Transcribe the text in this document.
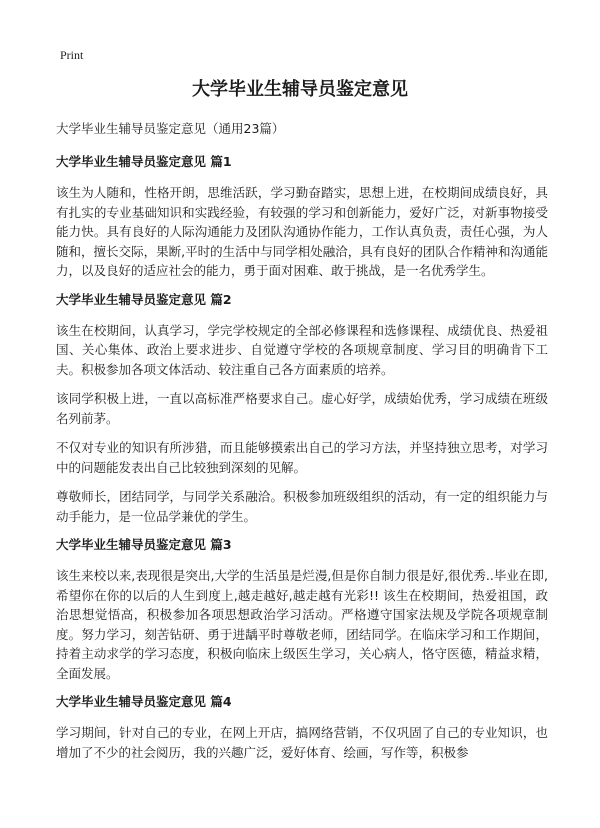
Print
大学毕业生辅导员鉴定意见

大学毕业生辅导员鉴定意见（通用23篇）

大学毕业生辅导员鉴定意见 篇1

该生为人随和，性格开朗，思维活跃，学习勤奋踏实，思想上进，在校期间成绩良好，具有扎实的专业基础知识和实践经验，有较强的学习和创新能力，爱好广泛，对新事物接受能力快。具有良好的人际沟通能力及团队沟通协作能力，工作认真负责，责任心强，为人随和，擅长交际，果断,平时的生活中与同学相处融洽，具有良好的团队合作精神和沟通能力，以及良好的适应社会的能力，勇于面对困难、敢于挑战，是一名优秀学生。

大学毕业生辅导员鉴定意见 篇2

该生在校期间，认真学习，学完学校规定的全部必修课程和选修课程、成绩优良、热爱祖国、关心集体、政治上要求进步、自觉遵守学校的各项规章制度、学习目的明确肯下工夫。积极参加各项文体活动、较注重自己各方面素质的培养。

该同学积极上进，一直以高标准严格要求自己。虚心好学，成绩始优秀，学习成绩在班级名列前茅。

不仅对专业的知识有所涉猎，而且能够摸索出自己的学习方法，并坚持独立思考，对学习中的问题能发表出自己比较独到深刻的见解。

尊敬师长，团结同学，与同学关系融洽。积极参加班级组织的活动，有一定的组织能力与动手能力，是一位品学兼优的学生。

大学毕业生辅导员鉴定意见 篇3

该生来校以来,表现很是突出,大学的生活虽是烂漫,但是你自制力很是好,很优秀..毕业在即,希望你在你的以后的人生到度上,越走越好,越走越有光彩!! 该生在校期间，热爱祖国，政治思想觉悟高，积极参加各项思想政治学习活动。严格遵守国家法规及学院各项规章制度。努力学习，刻苦钻研、勇于进龋平时尊敬老师，团结同学。在临床学习和工作期间，持着主动求学的学习态度，积极向临床上级医生学习，关心病人，恪守医德，精益求精，全面发展。

大学毕业生辅导员鉴定意见 篇4

学习期间，针对自己的专业，在网上开店，搞网络营销，不仅巩固了自己的专业知识，也增加了不少的社会阅历，我的兴趣广泛，爱好体育、绘画，写作等，积极参
